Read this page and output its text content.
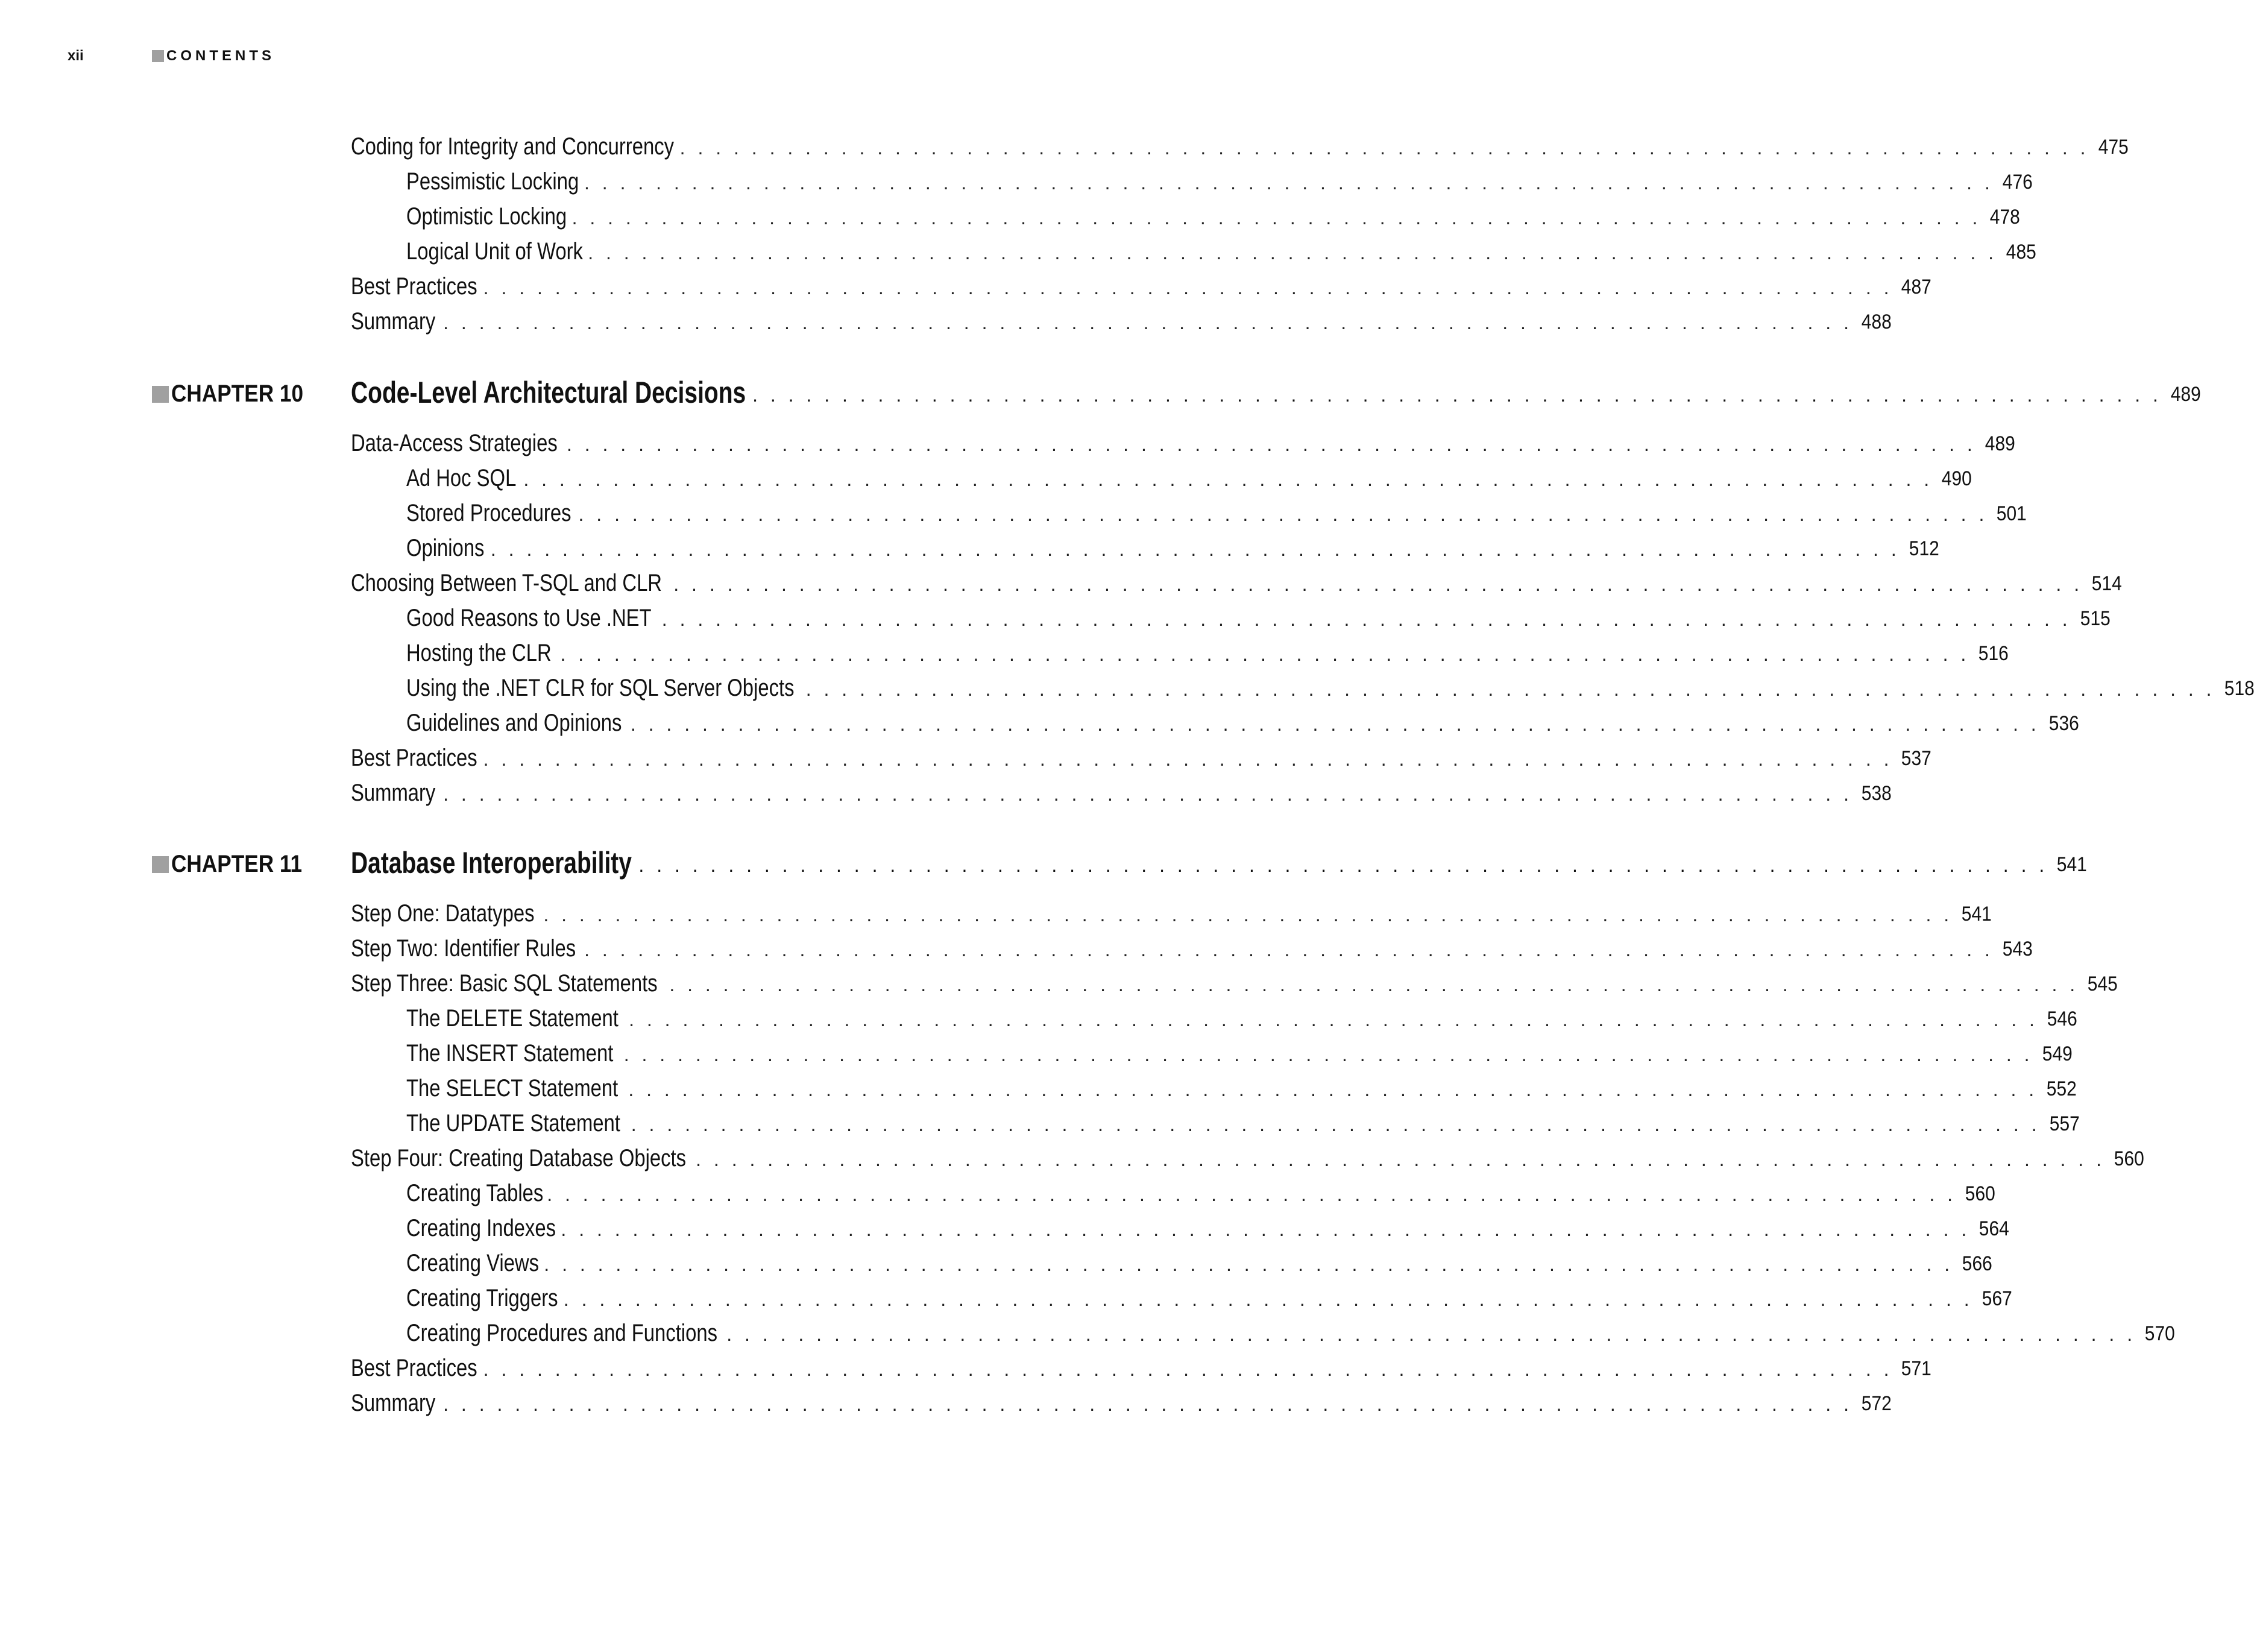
xii	CONTENTS
Coding for Integrity and Concurrency . . . . . . . . . . . . . . . . . . . . . . . . . . . . . . . . . . . . . . . . . . . . . . . . . . . . . . . . . . . . . . . . . . . . . . . . . . . . . . . 475
Pessimistic Locking . . . . . . . . . . . . . . . . . . . . . . . . . . . . . . . . . . . . . . . . . . . . . . . . . . . . . . . . . . . . . . . . . . . . . . . . . . . . . . . 476
Optimistic Locking . . . . . . . . . . . . . . . . . . . . . . . . . . . . . . . . . . . . . . . . . . . . . . . . . . . . . . . . . . . . . . . . . . . . . . . . . . . . . . . 478
Logical Unit of Work . . . . . . . . . . . . . . . . . . . . . . . . . . . . . . . . . . . . . . . . . . . . . . . . . . . . . . . . . . . . . . . . . . . . . . . . . . . . . . . 485
Best Practices . . . . . . . . . . . . . . . . . . . . . . . . . . . . . . . . . . . . . . . . . . . . . . . . . . . . . . . . . . . . . . . . . . . . . . . . . . . . . . . 487
Summary . . . . . . . . . . . . . . . . . . . . . . . . . . . . . . . . . . . . . . . . . . . . . . . . . . . . . . . . . . . . . . . . . . . . . . . . . . . . . . . 488
CHAPTER 10 Code-Level Architectural Decisions . . . . . . . . . . . . . . . . . . . . . . . . . . . . . . . . . . . . . . . . . . . . . . . . . . . . . . . . . . . . . . . . . . . . . . . . . . . . . . . 489
Data-Access Strategies . . . . . . . . . . . . . . . . . . . . . . . . . . . . . . . . . . . . . . . . . . . . . . . . . . . . . . . . . . . . . . . . . . . . . . . . . . . . . . . 489
Ad Hoc SQL . . . . . . . . . . . . . . . . . . . . . . . . . . . . . . . . . . . . . . . . . . . . . . . . . . . . . . . . . . . . . . . . . . . . . . . . . . . . . . . 490
Stored Procedures . . . . . . . . . . . . . . . . . . . . . . . . . . . . . . . . . . . . . . . . . . . . . . . . . . . . . . . . . . . . . . . . . . . . . . . . . . . . . . . 501
Opinions . . . . . . . . . . . . . . . . . . . . . . . . . . . . . . . . . . . . . . . . . . . . . . . . . . . . . . . . . . . . . . . . . . . . . . . . . . . . . . . 512
Choosing Between T-SQL and CLR . . . . . . . . . . . . . . . . . . . . . . . . . . . . . . . . . . . . . . . . . . . . . . . . . . . . . . . . . . . . . . . . . . . . . . . . . . . . . . . 514
Good Reasons to Use .NET . . . . . . . . . . . . . . . . . . . . . . . . . . . . . . . . . . . . . . . . . . . . . . . . . . . . . . . . . . . . . . . . . . . . . . . . . . . . . . . 515
Hosting the CLR . . . . . . . . . . . . . . . . . . . . . . . . . . . . . . . . . . . . . . . . . . . . . . . . . . . . . . . . . . . . . . . . . . . . . . . . . . . . . . . 516
Using the .NET CLR for SQL Server Objects . . . . . . . . . . . . . . . . . . . . . . . . . . . . . . . . . . . . . . . . . . . . . . . . . . . . . . . . . . . . . . . . . . . . . . . . . . . . . . . 518
Guidelines and Opinions . . . . . . . . . . . . . . . . . . . . . . . . . . . . . . . . . . . . . . . . . . . . . . . . . . . . . . . . . . . . . . . . . . . . . . . . . . . . . . . 536
Best Practices . . . . . . . . . . . . . . . . . . . . . . . . . . . . . . . . . . . . . . . . . . . . . . . . . . . . . . . . . . . . . . . . . . . . . . . . . . . . . . . 537
Summary . . . . . . . . . . . . . . . . . . . . . . . . . . . . . . . . . . . . . . . . . . . . . . . . . . . . . . . . . . . . . . . . . . . . . . . . . . . . . . . 538
CHAPTER 11 Database Interoperability . . . . . . . . . . . . . . . . . . . . . . . . . . . . . . . . . . . . . . . . . . . . . . . . . . . . . . . . . . . . . . . . . . . . . . . . . . . . . . . 541
Step One: Datatypes . . . . . . . . . . . . . . . . . . . . . . . . . . . . . . . . . . . . . . . . . . . . . . . . . . . . . . . . . . . . . . . . . . . . . . . . . . . . . . . 541
Step Two: Identifier Rules . . . . . . . . . . . . . . . . . . . . . . . . . . . . . . . . . . . . . . . . . . . . . . . . . . . . . . . . . . . . . . . . . . . . . . . . . . . . . . . 543
Step Three: Basic SQL Statements . . . . . . . . . . . . . . . . . . . . . . . . . . . . . . . . . . . . . . . . . . . . . . . . . . . . . . . . . . . . . . . . . . . . . . . . . . . . . . . 545
The DELETE Statement . . . . . . . . . . . . . . . . . . . . . . . . . . . . . . . . . . . . . . . . . . . . . . . . . . . . . . . . . . . . . . . . . . . . . . . . . . . . . . . 546
The INSERT Statement . . . . . . . . . . . . . . . . . . . . . . . . . . . . . . . . . . . . . . . . . . . . . . . . . . . . . . . . . . . . . . . . . . . . . . . . . . . . . . . 549
The SELECT Statement . . . . . . . . . . . . . . . . . . . . . . . . . . . . . . . . . . . . . . . . . . . . . . . . . . . . . . . . . . . . . . . . . . . . . . . . . . . . . . . 552
The UPDATE Statement . . . . . . . . . . . . . . . . . . . . . . . . . . . . . . . . . . . . . . . . . . . . . . . . . . . . . . . . . . . . . . . . . . . . . . . . . . . . . . . 557
Step Four: Creating Database Objects . . . . . . . . . . . . . . . . . . . . . . . . . . . . . . . . . . . . . . . . . . . . . . . . . . . . . . . . . . . . . . . . . . . . . . . . . . . . . . . 560
Creating Tables . . . . . . . . . . . . . . . . . . . . . . . . . . . . . . . . . . . . . . . . . . . . . . . . . . . . . . . . . . . . . . . . . . . . . . . . . . . . . . . 560
Creating Indexes . . . . . . . . . . . . . . . . . . . . . . . . . . . . . . . . . . . . . . . . . . . . . . . . . . . . . . . . . . . . . . . . . . . . . . . . . . . . . . . 564
Creating Views . . . . . . . . . . . . . . . . . . . . . . . . . . . . . . . . . . . . . . . . . . . . . . . . . . . . . . . . . . . . . . . . . . . . . . . . . . . . . . . 566
Creating Triggers . . . . . . . . . . . . . . . . . . . . . . . . . . . . . . . . . . . . . . . . . . . . . . . . . . . . . . . . . . . . . . . . . . . . . . . . . . . . . . . 567
Creating Procedures and Functions . . . . . . . . . . . . . . . . . . . . . . . . . . . . . . . . . . . . . . . . . . . . . . . . . . . . . . . . . . . . . . . . . . . . . . . . . . . . . . . 570
Best Practices . . . . . . . . . . . . . . . . . . . . . . . . . . . . . . . . . . . . . . . . . . . . . . . . . . . . . . . . . . . . . . . . . . . . . . . . . . . . . . . 571
Summary . . . . . . . . . . . . . . . . . . . . . . . . . . . . . . . . . . . . . . . . . . . . . . . . . . . . . . . . . . . . . . . . . . . . . . . . . . . . . . . 572
